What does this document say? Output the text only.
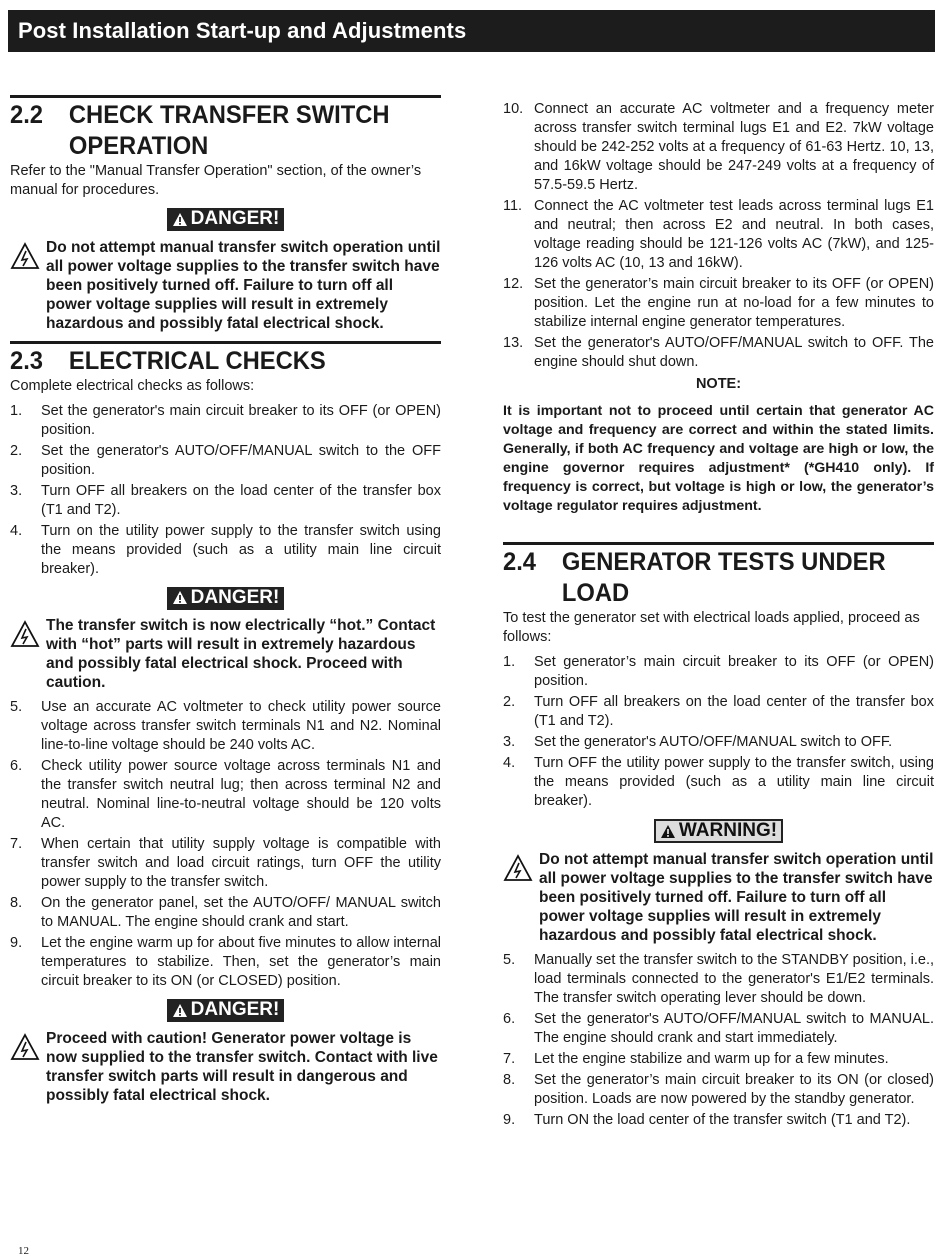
Post Installation Start-up and Adjustments
2.2	CHECK TRANSFER SWITCH OPERATION

Refer to the "Manual Transfer Operation" section, of the owner’s manual for procedures.

DANGER!
Do not attempt manual transfer switch operation until all power voltage supplies to the transfer switch have been positively turned off. Failure to turn off all power voltage supplies will result in extremely hazardous and possibly fatal electrical shock.
2.3	ELECTRICAL CHECKS

Complete electrical checks as follows:

1.	Set the generator's main circuit breaker to its OFF (or OPEN) position.
2.	Set the generator's AUTO/OFF/MANUAL switch to the OFF position.
3.	Turn OFF all breakers on the load center of the transfer box (T1 and T2).
4.	Turn on the utility power supply to the transfer switch using the means provided (such as a utility main line circuit breaker).
DANGER!
The transfer switch is now electrically “hot.” Contact with “hot” parts will result in extremely hazardous and possibly fatal electrical shock. Proceed with caution.
5.	Use an accurate AC voltmeter to check utility power source voltage across transfer switch terminals N1 and N2. Nominal line-to-line voltage should be 240 volts AC.
6.	Check utility power source voltage across terminals N1 and the transfer switch neutral lug; then across terminal N2 and neutral. Nominal line-to-neutral voltage should be 120 volts AC.
7.	When certain that utility supply voltage is compatible with transfer switch and load circuit ratings, turn OFF the utility power supply to the transfer switch.
8.	On the generator panel, set the AUTO/OFF/ MANUAL switch to MANUAL. The engine should crank and start.
9.	Let the engine warm up for about five minutes to allow internal temperatures to stabilize. Then, set the generator’s main circuit breaker to its ON (or CLOSED) position.
DANGER!
Proceed with caution! Generator power voltage is now supplied to the transfer switch. Contact with live transfer switch parts will result in dangerous and possibly fatal electrical shock.
10. Connect an accurate AC voltmeter and a frequency meter across transfer switch terminal lugs E1 and E2. 7kW voltage should be 242-252 volts at a frequency of 61-63 Hertz. 10, 13, and 16kW voltage should be 247-249 volts at a frequency of 57.5-59.5 Hertz.
11. Connect the AC voltmeter test leads across terminal lugs E1 and neutral; then across E2 and neutral. In both cases, voltage reading should be 121-126 volts AC (7kW), and 125-126 volts AC (10, 13 and 16kW).
12. Set the generator’s main circuit breaker to its OFF (or OPEN) position. Let the engine run at no-load for a few minutes to stabilize internal engine generator temperatures.
13. Set the generator's AUTO/OFF/MANUAL switch to OFF. The engine should shut down.
NOTE:
It is important not to proceed until certain that generator AC voltage and frequency are correct and within the stated limits. Generally, if both AC frequency and voltage are high or low, the engine governor requires adjustment* (*GH410 only). If frequency is correct, but voltage is high or low, the generator’s voltage regulator requires adjustment.
2.4	GENERATOR TESTS UNDER LOAD

To test the generator set with electrical loads applied, proceed as follows:

1.	Set generator’s main circuit breaker to its OFF (or OPEN) position.
2.	Turn OFF all breakers on the load center of the transfer box (T1 and T2).
3.	Set the generator's AUTO/OFF/MANUAL switch to OFF.
4.	Turn OFF the utility power supply to the transfer switch, using the means provided (such as a utility main line circuit breaker).
WARNING!
Do not attempt manual transfer switch operation until all power voltage supplies to the transfer switch have been positively turned off. Failure to turn off all power voltage supplies will result in extremely hazardous and possibly fatal electrical shock.
5.	Manually set the transfer switch to the STANDBY position, i.e., load terminals connected to the generator's E1/E2 terminals. The transfer switch operating lever should be down.
6.	Set the generator's AUTO/OFF/MANUAL switch to MANUAL. The engine should crank and start immediately.
7.	Let the engine stabilize and warm up for a few minutes.
8.	Set the generator’s main circuit breaker to its ON (or closed) position. Loads are now powered by the standby generator.
9.	Turn ON the load center of the transfer switch (T1 and T2).
12
